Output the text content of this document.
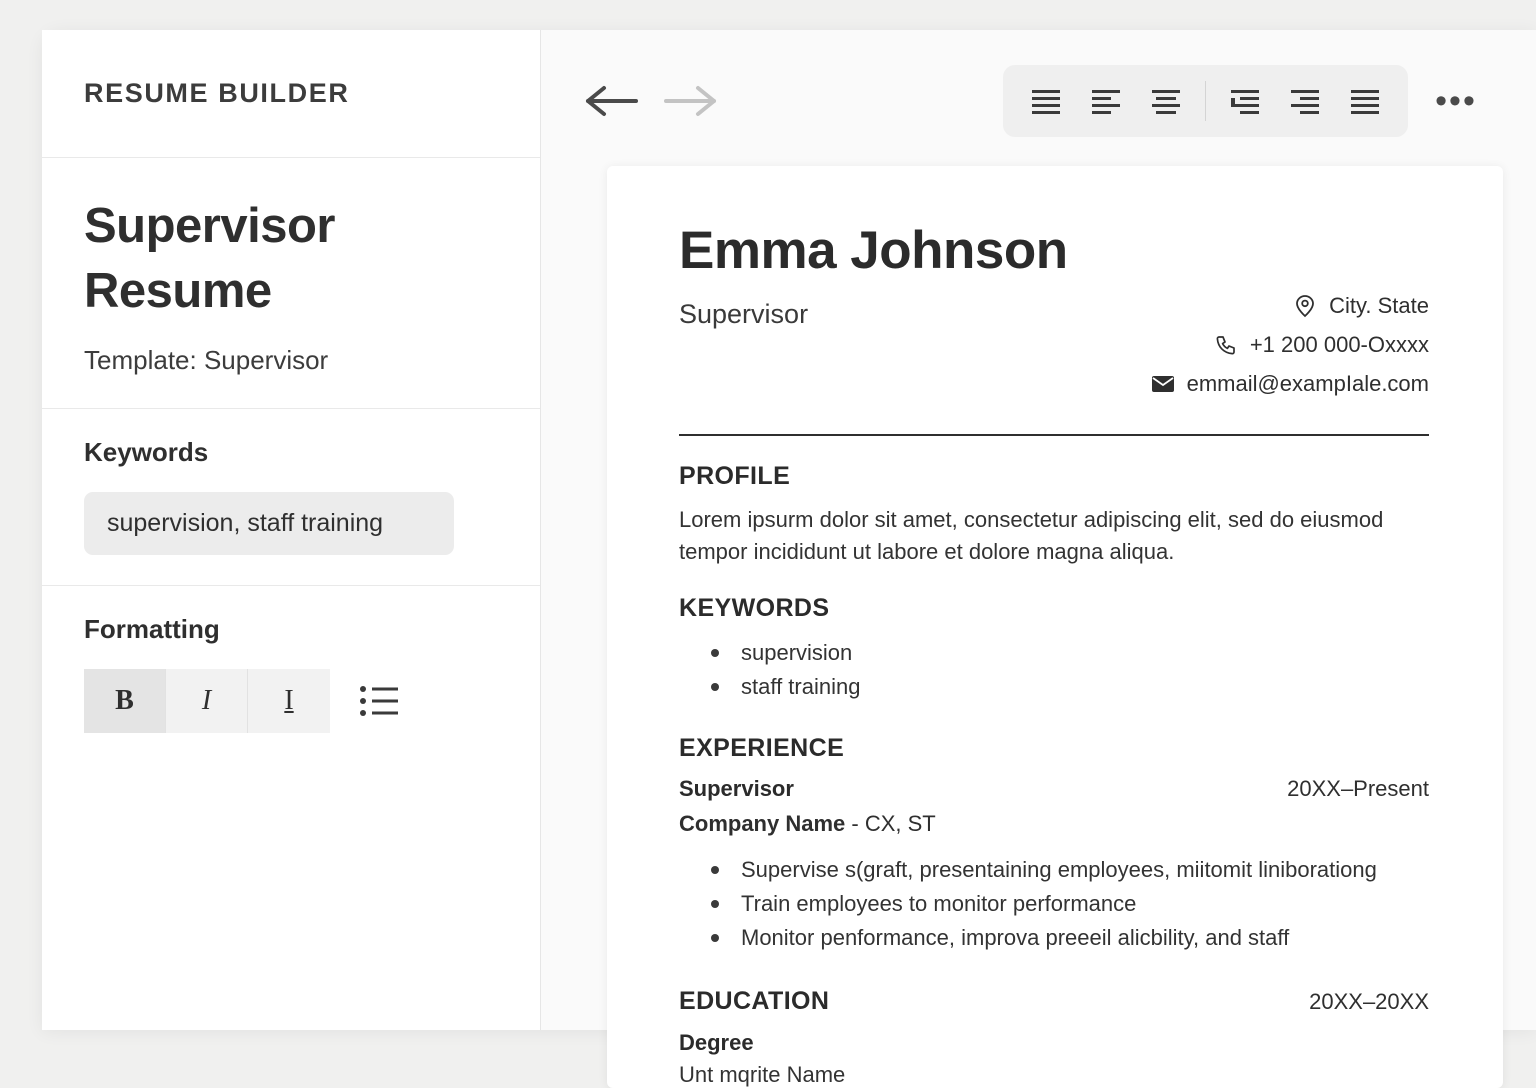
RESUME BUILDER
Supervisor Resume

Template: Supervisor

Keywords
supervision, staff training
Formatting
B	I	I
•••
Emma Johnson
Supervisor	City. State
+1 200 000-Oxxxx
emmail@exampIale.com
PROFILE

Lorem ipsurm dolor sit amet, consectetur adipiscing elit, sed do eiusmod tempor incididunt ut labore et dolore magna aliqua.

KEYWORDS
supervision
staff training
EXPERIENCE
Supervisor	20XX–Present

Company Name - CX, ST

Supervise s(graft, presentaining employees, miitomit liniborationg
Train employees to monitor performance
Monitor penformance, improva preeeil alicbility, and staff
EDUCATION	20XX–20XX

Degree

Unt mqrite Name
